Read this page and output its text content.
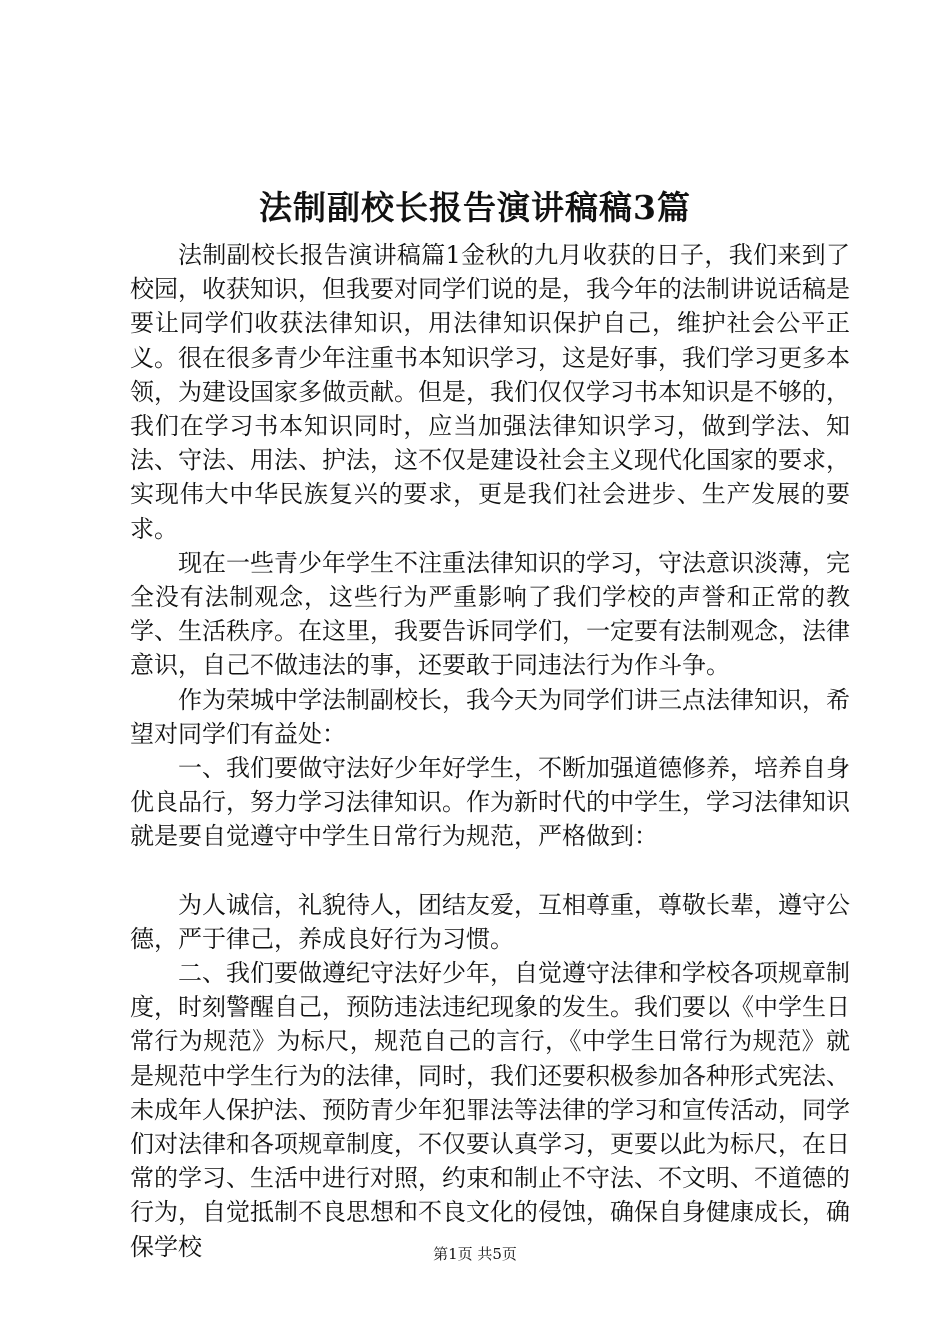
法制副校长报告演讲稿稿3篇

法制副校长报告演讲稿篇1金秋的九月收获的日子，我们来到了校园，收获知识，但我要对同学们说的是，我今年的法制讲说话稿是要让同学们收获法律知识，用法律知识保护自己，维护社会公平正义。很在很多青少年注重书本知识学习，这是好事，我们学习更多本领，为建设国家多做贡献。但是，我们仅仅学习书本知识是不够的，我们在学习书本知识同时，应当加强法律知识学习，做到学法、知法、守法、用法、护法，这不仅是建设社会主义现代化国家的要求，实现伟大中华民族复兴的要求，更是我们社会进步、生产发展的要求。

现在一些青少年学生不注重法律知识的学习，守法意识淡薄，完全没有法制观念，这些行为严重影响了我们学校的声誉和正常的教学、生活秩序。在这里，我要告诉同学们，一定要有法制观念，法律意识，自己不做违法的事，还要敢于同违法行为作斗争。

作为荣城中学法制副校长，我今天为同学们讲三点法律知识，希望对同学们有益处：

一、我们要做守法好少年好学生，不断加强道德修养，培养自身优良品行，努力学习法律知识。作为新时代的中学生，学习法律知识就是要自觉遵守中学生日常行为规范，严格做到：

为人诚信，礼貌待人，团结友爱，互相尊重，尊敬长辈，遵守公德，严于律己，养成良好行为习惯。

二、我们要做遵纪守法好少年，自觉遵守法律和学校各项规章制度，时刻警醒自己，预防违法违纪现象的发生。我们要以《中学生日常行为规范》为标尺，规范自己的言行，《中学生日常行为规范》就是规范中学生行为的法律，同时，我们还要积极参加各种形式宪法、未成年人保护法、预防青少年犯罪法等法律的学习和宣传活动，同学们对法律和各项规章制度，不仅要认真学习，更要以此为标尺，在日常的学习、生活中进行对照，约束和制止不守法、不文明、不道德的行为，自觉抵制不良思想和不良文化的侵蚀，确保自身健康成长，确保学校	第1页 共5页
